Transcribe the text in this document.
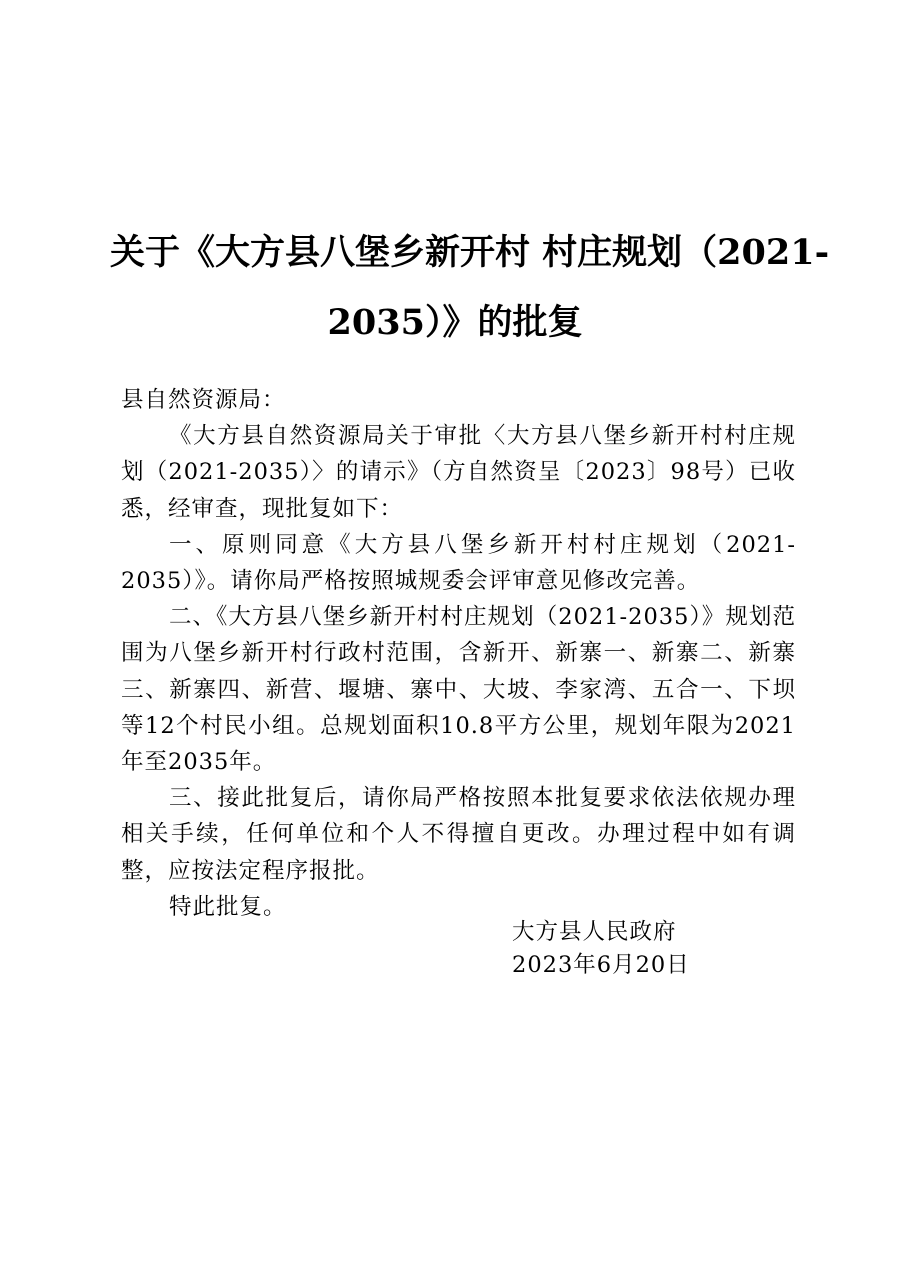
关于《大方县八堡乡新开村 村庄规划（2021-
2035）》的批复

县自然资源局：

《大方县自然资源局关于审批〈大方县八堡乡新开村村庄规划（2021-2035）〉的请示》（方自然资呈〔2023〕98号）已收悉，经审查，现批复如下：

一、原则同意《大方县八堡乡新开村村庄规划（2021-2035）》。请你局严格按照城规委会评审意见修改完善。

二、《大方县八堡乡新开村村庄规划（2021-2035）》规划范围为八堡乡新开村行政村范围，含新开、新寨一、新寨二、新寨三、新寨四、新营、堰塘、寨中、大坡、李家湾、五合一、下坝等12个村民小组。总规划面积10.8平方公里，规划年限为2021年至2035年。

三、接此批复后，请你局严格按照本批复要求依法依规办理相关手续，任何单位和个人不得擅自更改。办理过程中如有调整，应按法定程序报批。

特此批复。

大方县人民政府
2023年6月20日
